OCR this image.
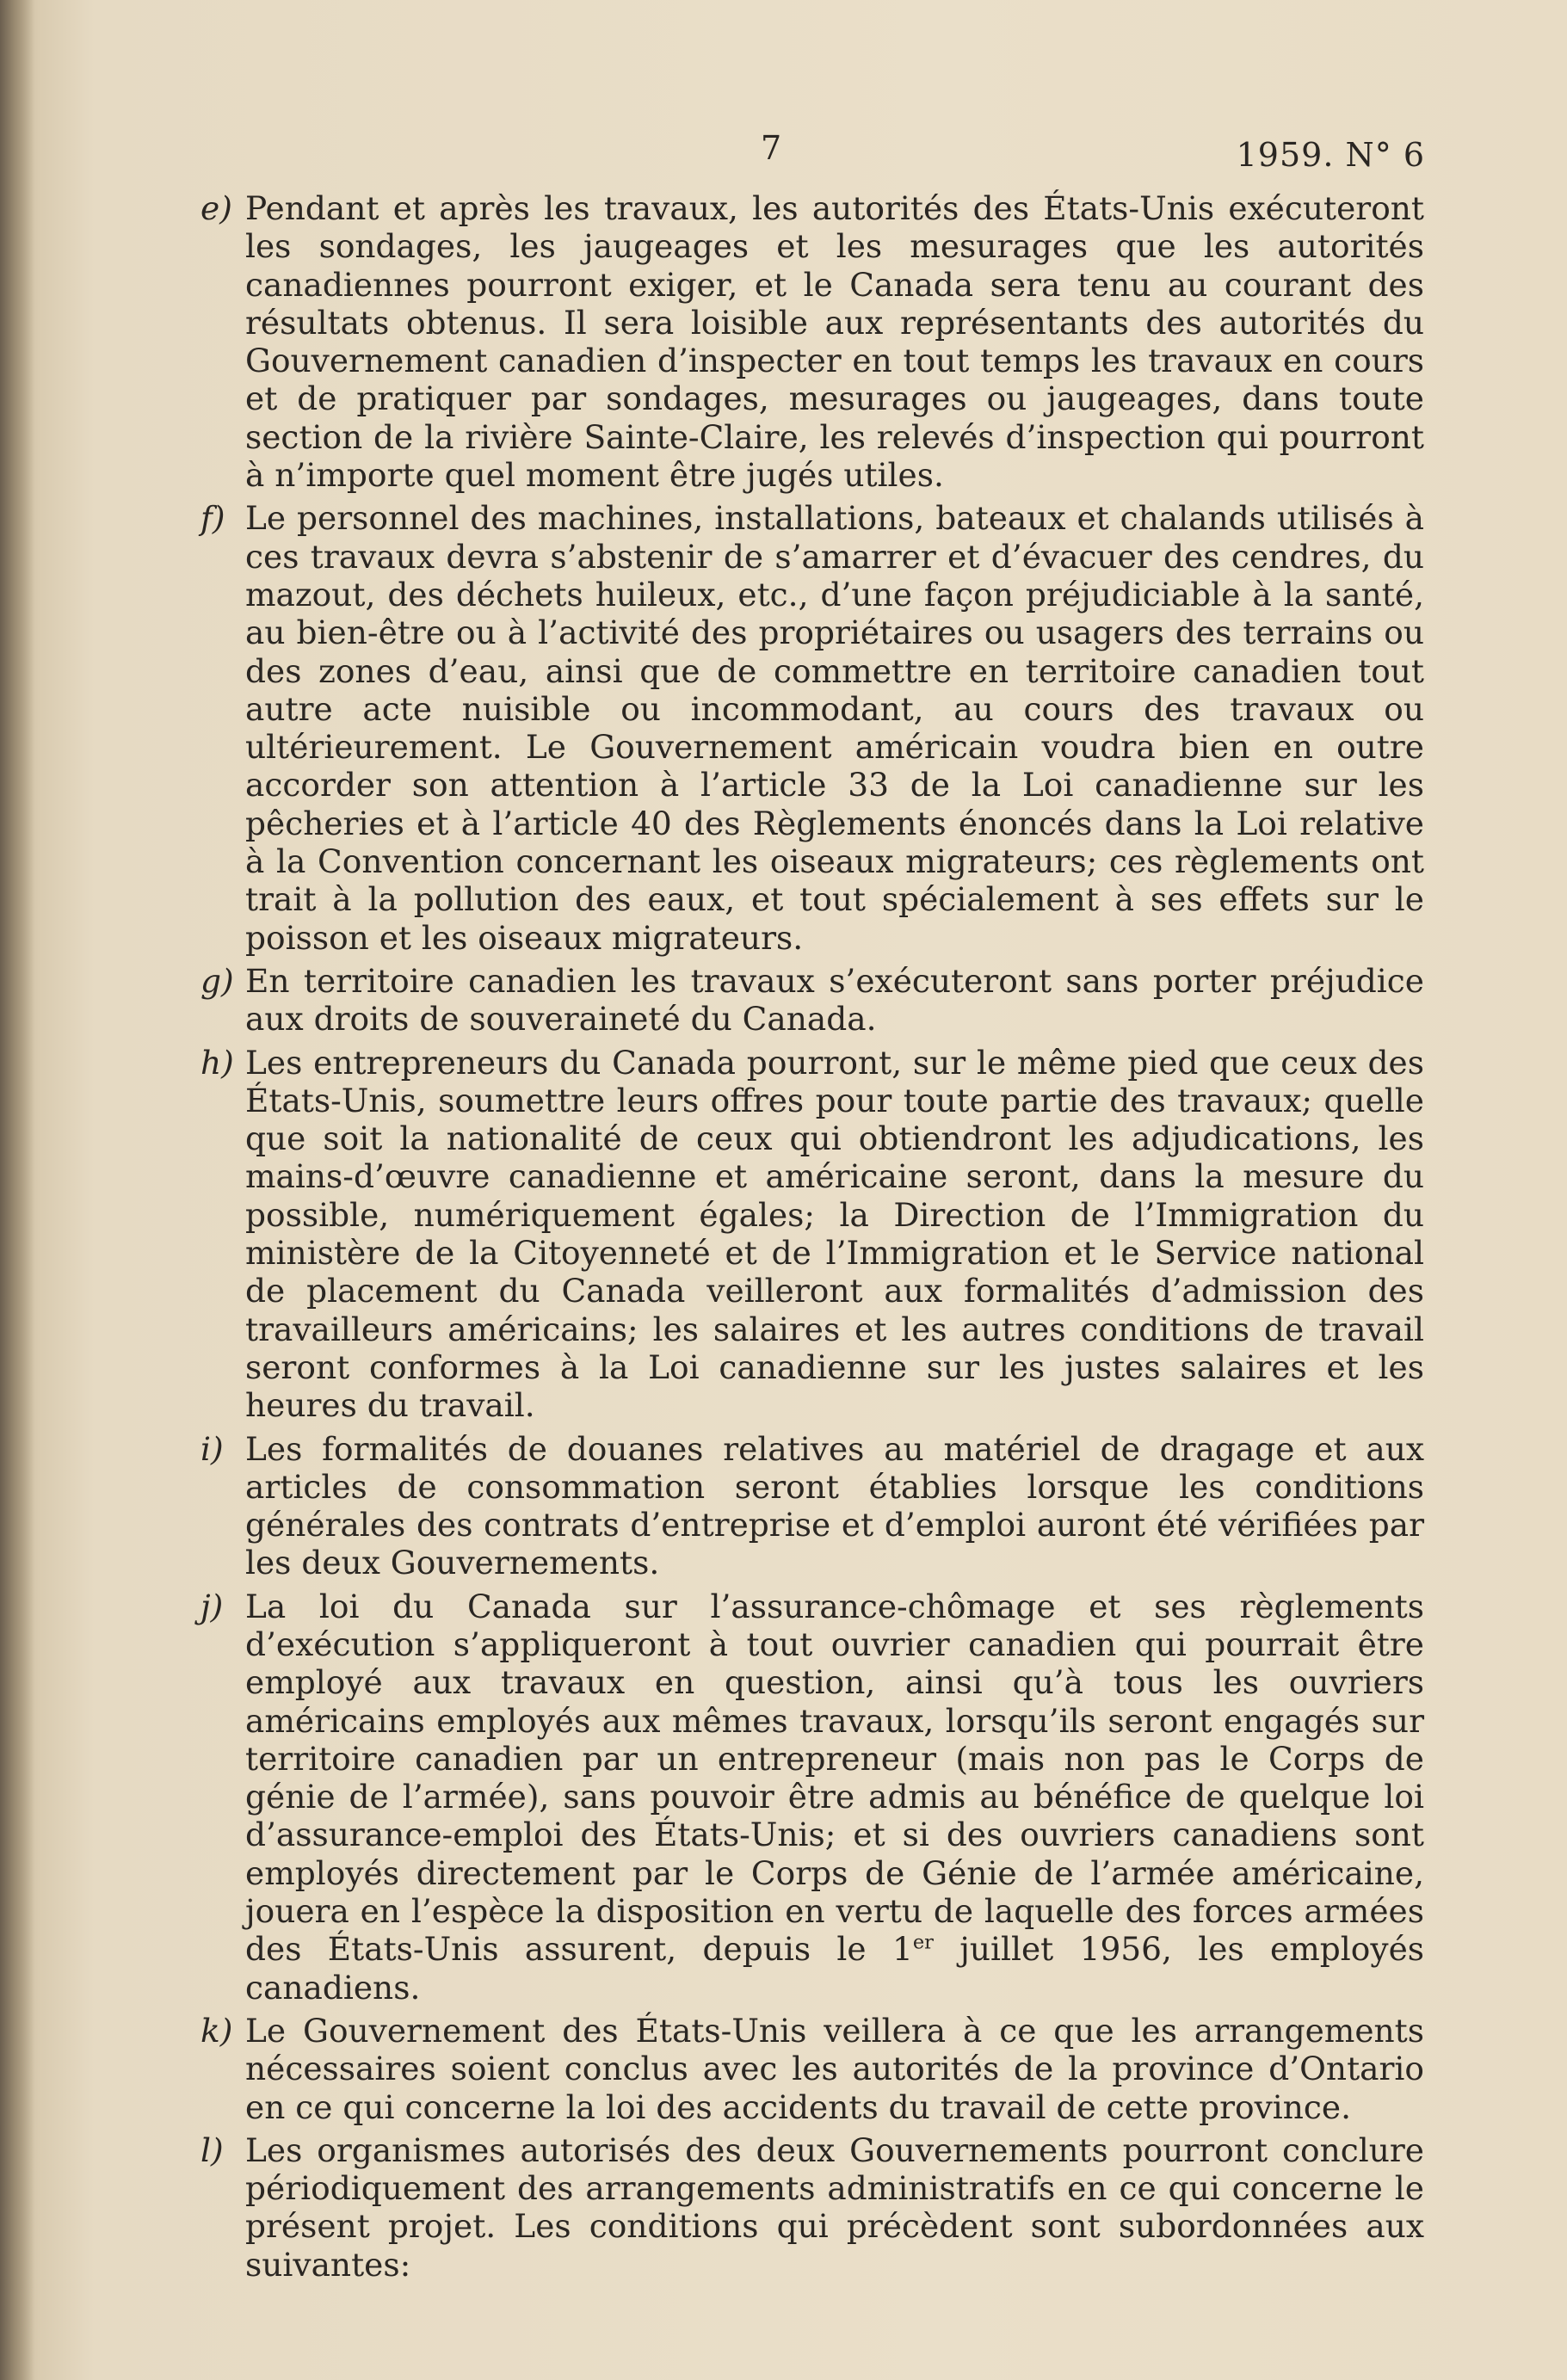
7	1959. N° 6
e) Pendant et après les travaux, les autorités des États-Unis exécuteront les sondages, les jaugeages et les mesurages que les autorités canadiennes pourront exiger, et le Canada sera tenu au courant des résultats obtenus. Il sera loisible aux représentants des autorités du Gouvernement canadien d’inspecter en tout temps les travaux en cours et de pratiquer par sondages, mesurages ou jaugeages, dans toute section de la rivière Sainte-Claire, les relevés d’inspection qui pourront à n’importe quel moment être jugés utiles.
f) Le personnel des machines, installations, bateaux et chalands utilisés à ces travaux devra s’abstenir de s’amarrer et d’évacuer des cendres, du mazout, des déchets huileux, etc., d’une façon préjudiciable à la santé, au bien-être ou à l’activité des propriétaires ou usagers des terrains ou des zones d’eau, ainsi que de commettre en territoire canadien tout autre acte nuisible ou incommodant, au cours des travaux ou ultérieurement. Le Gouvernement américain voudra bien en outre accorder son attention à l’article 33 de la Loi canadienne sur les pêcheries et à l’article 40 des Règlements énoncés dans la Loi relative à la Convention concernant les oiseaux migrateurs; ces règlements ont trait à la pollution des eaux, et tout spécialement à ses effets sur le poisson et les oiseaux migrateurs.
g) En territoire canadien les travaux s’exécuteront sans porter préjudice aux droits de souveraineté du Canada.
h) Les entrepreneurs du Canada pourront, sur le même pied que ceux des États-Unis, soumettre leurs offres pour toute partie des travaux; quelle que soit la nationalité de ceux qui obtiendront les adjudications, les mains-d’œuvre canadienne et américaine seront, dans la mesure du possible, numériquement égales; la Direction de l’Immigration du ministère de la Citoyenneté et de l’Immigration et le Service national de placement du Canada veilleront aux formalités d’admission des travailleurs américains; les salaires et les autres conditions de travail seront conformes à la Loi canadienne sur les justes salaires et les heures du travail.
i) Les formalités de douanes relatives au matériel de dragage et aux articles de consommation seront établies lorsque les conditions générales des contrats d’entreprise et d’emploi auront été vérifiées par les deux Gouvernements.
j) La loi du Canada sur l’assurance-chômage et ses règlements d’exécution s’appliqueront à tout ouvrier canadien qui pourrait être employé aux travaux en question, ainsi qu’à tous les ouvriers américains employés aux mêmes travaux, lorsqu’ils seront engagés sur territoire canadien par un entrepreneur (mais non pas le Corps de génie de l’armée), sans pouvoir être admis au bénéfice de quelque loi d’assurance-emploi des États-Unis; et si des ouvriers canadiens sont employés directement par le Corps de Génie de l’armée américaine, jouera en l’espèce la disposition en vertu de laquelle des forces armées des États-Unis assurent, depuis le 1er juillet 1956, les employés canadiens.
k) Le Gouvernement des États-Unis veillera à ce que les arrangements nécessaires soient conclus avec les autorités de la province d’Ontario en ce qui concerne la loi des accidents du travail de cette province.
l) Les organismes autorisés des deux Gouvernements pourront conclure périodiquement des arrangements administratifs en ce qui concerne le présent projet. Les conditions qui précèdent sont subordonnées aux suivantes:
